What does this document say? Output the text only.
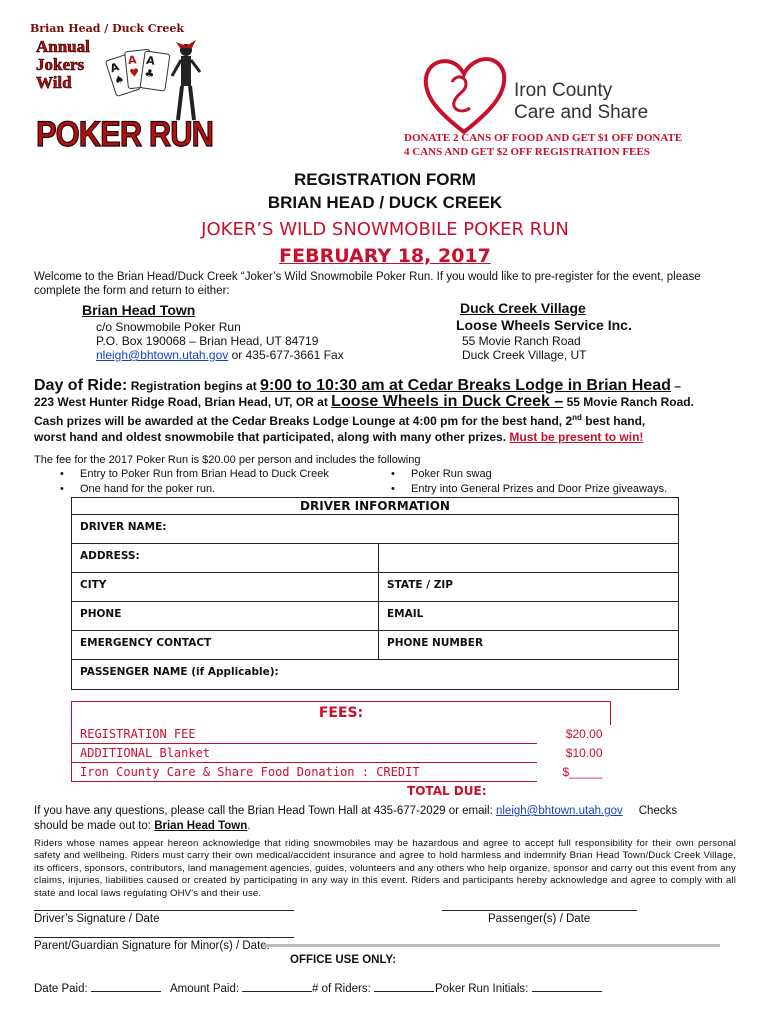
Brian Head / Duck Creek
Annual
Jokers
Wild
A
♠
A
♥
A
♣
POKER RUN
Iron County
Care and Share
DONATE 2 CANS OF FOOD AND GET $1 OFF DONATE
4 CANS AND GET $2 OFF REGISTRATION FEES
REGISTRATION FORM
BRIAN HEAD / DUCK CREEK
JOKER’S WILD SNOWMOBILE POKER RUN
FEBRUARY 18, 2017
Welcome to the Brian Head/Duck Creek “Joker’s Wild Snowmobile Poker Run. If you would like to pre-register for the event, please complete the form and return to either:
Brian Head Town
c/o Snowmobile Poker Run
P.O. Box 190068 – Brian Head, UT 84719
nleigh@bhtown.utah.gov or 435-677-3661 Fax
Duck Creek Village
Loose Wheels Service Inc.
55 Movie Ranch Road
Duck Creek Village, UT
Day of Ride: Registration begins at 9:00 to 10:30 am at Cedar Breaks Lodge in Brian Head –
223 West Hunter Ridge Road, Brian Head, UT, OR at Loose Wheels in Duck Creek – 55 Movie Ranch Road.
Cash prizes will be awarded at the Cedar Breaks Lodge Lounge at 4:00 pm for the best hand, 2nd best hand,
worst hand and oldest snowmobile that participated, along with many other prizes. Must be present to win!
The fee for the 2017 Poker Run is $20.00 per person and includes the following
• Entry to Poker Run from Brian Head to Duck Creek
• One hand for the poker run.
• Poker Run swag
• Entry into General Prizes and Door Prize giveaways.
DRIVER INFORMATION	
DRIVER NAME:	
ADDRESS:	
CITY	STATE / ZIP
PHONE	EMAIL
EMERGENCY CONTACT	PHONE NUMBER
PASSENGER NAME (if Applicable):	
FEES:	
REGISTRATION FEE	$20.00
ADDITIONAL Blanket	$10.00
Iron County Care & Share Food Donation : CREDIT	$_____
TOTAL DUE:	
If you have any questions, please call the Brian Head Town Hall at 435-677-2029 or email: nleigh@bhtown.utah.gov Checks
should be made out to: Brian Head Town.
Riders whose names appear hereon acknowledge that riding snowmobiles may be hazardous and agree to accept full responsibility for their own personal safety and wellbeing. Riders must carry their own medical/accident insurance and agree to hold harmless and indemnify Brian Head Town/Duck Creek Village, its officers, sponsors, contributors, land management agencies, guides, volunteers and any others who help organize, sponsor and carry out this event from any claims, injuries, liabilities caused or created by participating in any way in this event. Riders and participants hereby acknowledge and agree to comply with all state and local laws regulating OHV's and their use.
Driver’s Signature / Date	Passenger(s) / Date
Parent/Guardian Signature for Minor(s) / Date.
OFFICE USE ONLY:
Date Paid:	Amount Paid:	# of Riders:	Poker Run Initials:
